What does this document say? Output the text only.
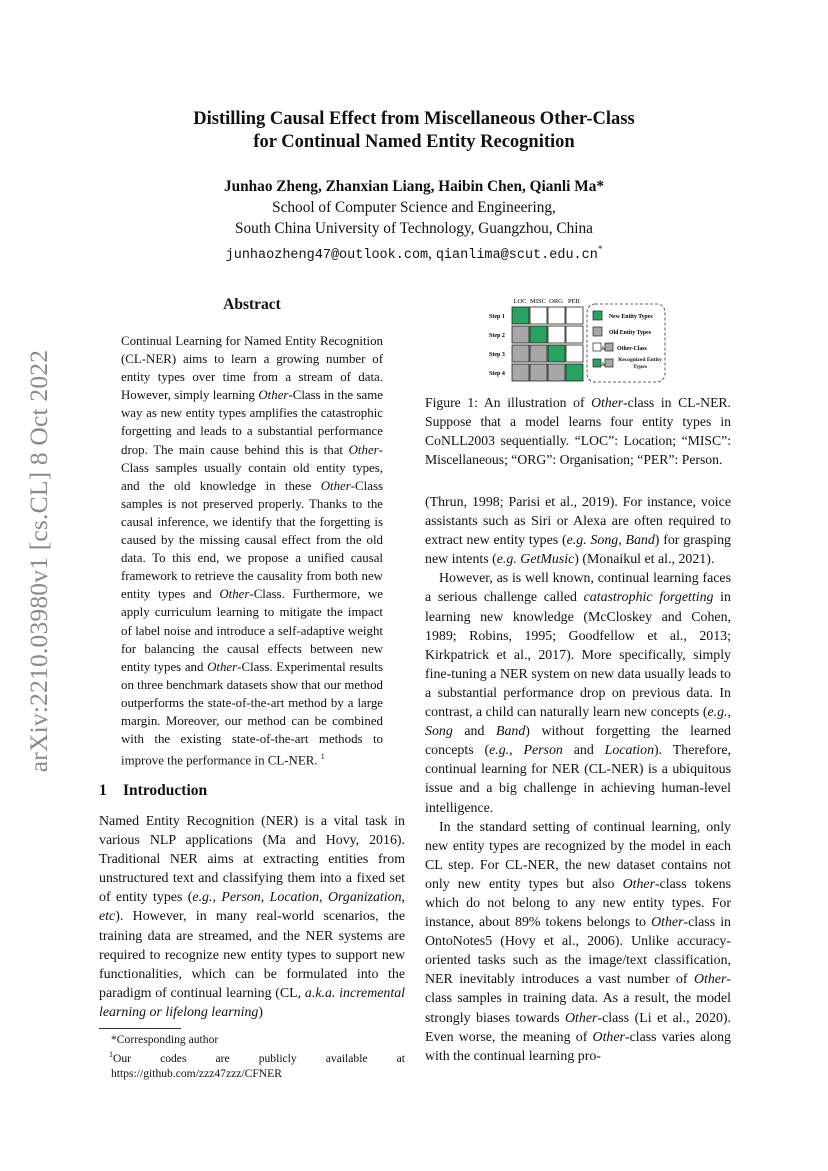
arXiv:2210.03980v1 [cs.CL] 8 Oct 2022
Distilling Causal Effect from Miscellaneous Other-Class
for Continual Named Entity Recognition
Junhao Zheng, Zhanxian Liang, Haibin Chen, Qianli Ma*
School of Computer Science and Engineering,
South China University of Technology, Guangzhou, China
junhaozheng47@outlook.com, qianlima@scut.edu.cn*
Abstract
Continual Learning for Named Entity Recognition (CL-NER) aims to learn a growing number of entity types over time from a stream of data. However, simply learning Other-Class in the same way as new entity types amplifies the catastrophic forgetting and leads to a substantial performance drop. The main cause behind this is that Other-Class samples usually contain old entity types, and the old knowledge in these Other-Class samples is not preserved properly. Thanks to the causal inference, we identify that the forgetting is caused by the missing causal effect from the old data. To this end, we propose a unified causal framework to retrieve the causality from both new entity types and Other-Class. Furthermore, we apply curriculum learning to mitigate the impact of label noise and introduce a self-adaptive weight for balancing the causal effects between new entity types and Other-Class. Experimental results on three benchmark datasets show that our method outperforms the state-of-the-art method by a large margin. Moreover, our method can be combined with the existing state-of-the-art methods to improve the performance in CL-NER. $^1$
1 Introduction
Named Entity Recognition (NER) is a vital task in various NLP applications (Ma and Hovy, 2016). Traditional NER aims at extracting entities from unstructured text and classifying them into a fixed set of entity types (e.g., Person, Location, Organization, etc). However, in many real-world scenarios, the training data are streamed, and the NER systems are required to recognize new entity types to support new functionalities, which can be formulated into the paradigm of continual learning (CL, a.k.a. incremental learning or lifelong learning)
*Corresponding author
$^1$Our codes are publicly available at https://github.com/zzz47zzz/CFNER
LOC MISC ORG PER
Step 1
Step 2
Step 3
Step 4
New Entity Types
Old Entity Types
& Other-Class
&
Recognized Entity Types
Figure 1: An illustration of Other-class in CL-NER. Suppose that a model learns four entity types in CoNLL2003 sequentially. “LOC”: Location; “MISC”: Miscellaneous; “ORG”: Organisation; “PER”: Person.

(Thrun, 1998; Parisi et al., 2019). For instance, voice assistants such as Siri or Alexa are often required to extract new entity types (e.g. Song, Band) for grasping new intents (e.g. GetMusic) (Monaikul et al., 2021).

However, as is well known, continual learning faces a serious challenge called catastrophic forgetting in learning new knowledge (McCloskey and Cohen, 1989; Robins, 1995; Goodfellow et al., 2013; Kirkpatrick et al., 2017). More specifically, simply fine-tuning a NER system on new data usually leads to a substantial performance drop on previous data. In contrast, a child can naturally learn new concepts (e.g., Song and Band) without forgetting the learned concepts (e.g., Person and Location). Therefore, continual learning for NER (CL-NER) is a ubiquitous issue and a big challenge in achieving human-level intelligence.

In the standard setting of continual learning, only new entity types are recognized by the model in each CL step. For CL-NER, the new dataset contains not only new entity types but also Other-class tokens which do not belong to any new entity types. For instance, about 89% tokens belongs to Other-class in OntoNotes5 (Hovy et al., 2006). Unlike accuracy-oriented tasks such as the image/text classification, NER inevitably introduces a vast number of Other-class samples in training data. As a result, the model strongly biases towards Other-class (Li et al., 2020). Even worse, the meaning of Other-class varies along with the continual learning pro-
